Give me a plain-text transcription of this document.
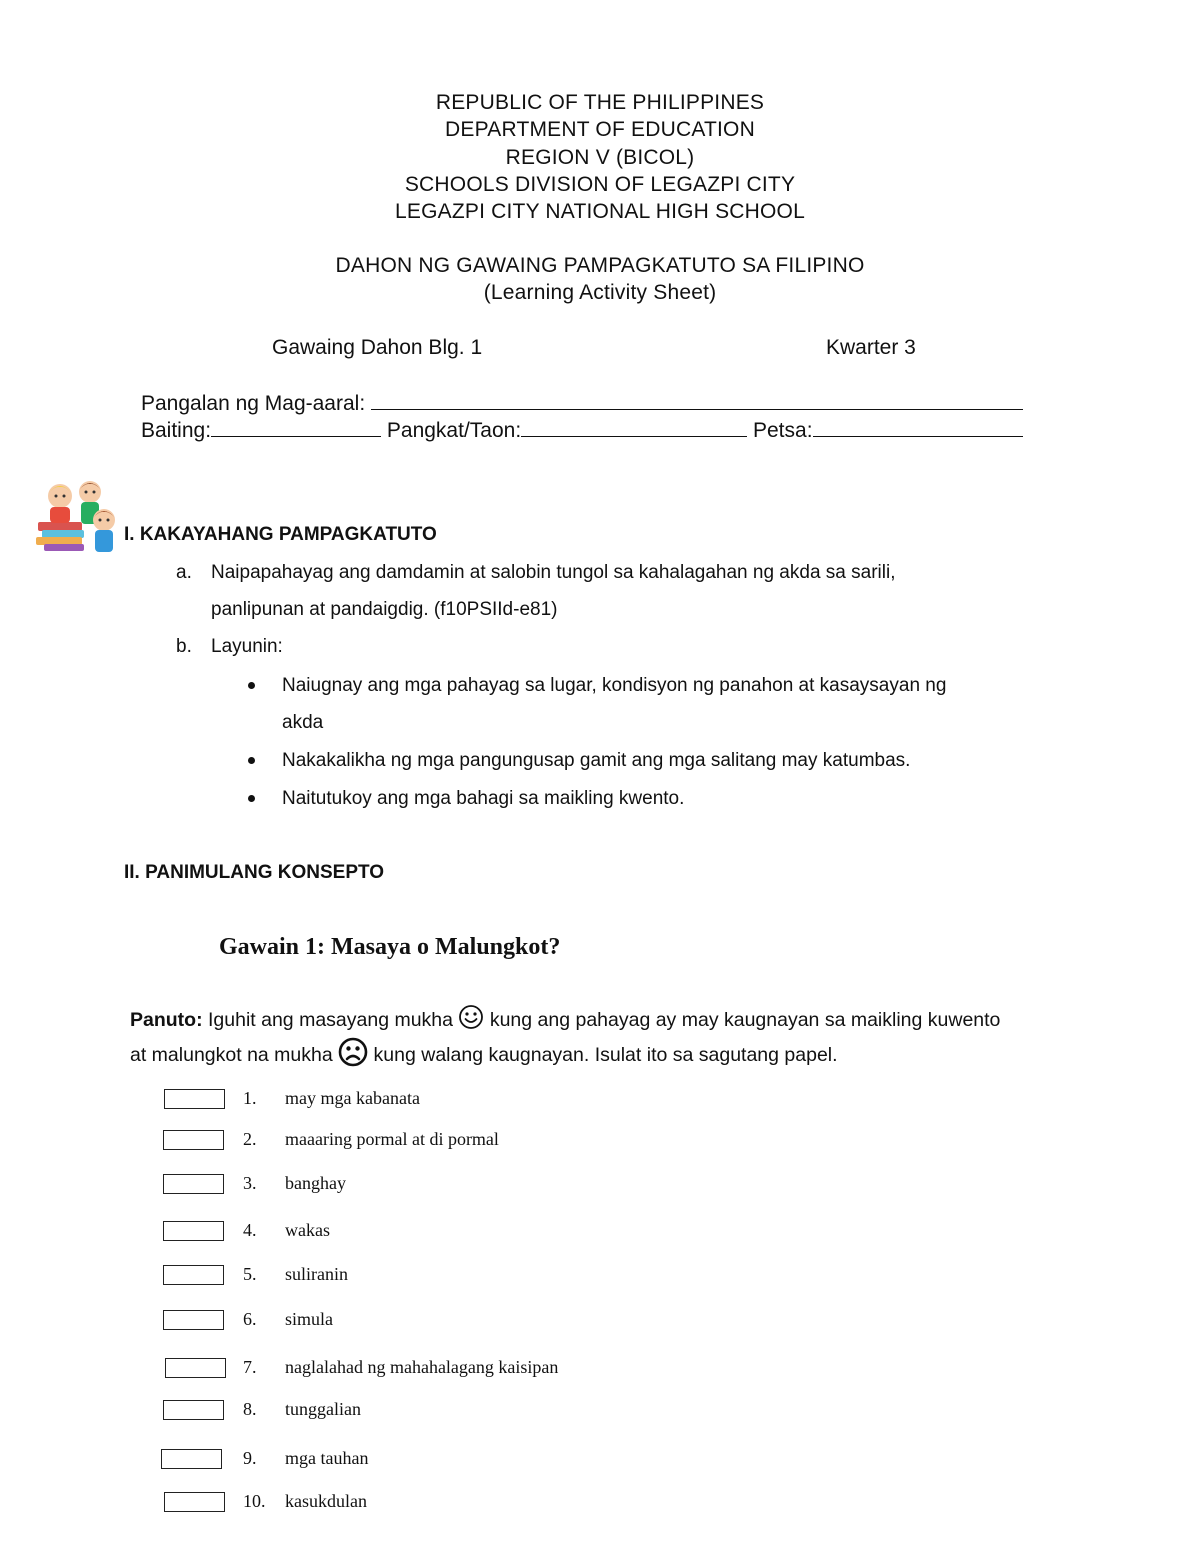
REPUBLIC OF THE PHILIPPINES
DEPARTMENT OF EDUCATION
REGION V (BICOL)
SCHOOLS DIVISION OF LEGAZPI CITY
LEGAZPI CITY NATIONAL HIGH SCHOOL
DAHON NG GAWAING PAMPAGKATUTO SA FILIPINO
(Learning Activity Sheet)
Gawaing Dahon Blg. 1	Kwarter 3
Pangalan ng Mag-aaral:
Baiting:	Pangkat/Taon:	Petsa:
I. KAKAYAHANG PAMPAGKATUTO
a. Naipapahayag ang damdamin at salobin tungol sa kahalagahan ng akda sa sarili,
panlipunan at pandaigdig. (f10PSIId-e81)
b. Layunin:
Naiugnay ang mga pahayag sa lugar, kondisyon ng panahon at kasaysayan ng
akda
Nakakalikha ng mga pangungusap gamit ang mga salitang may katumbas.
Naitutukoy ang mga bahagi sa maikling kwento.
II. PANIMULANG KONSEPTO
Gawain 1: Masaya o Malungkot?
Panuto: Iguhit ang masayang mukha  kung ang pahayag ay may kaugnayan sa maikling kuwento
at malungkot na mukha  kung walang kaugnayan. Isulat ito sa sagutang papel.
1. may mga kabanata
2. maaaring pormal at di pormal
3. banghay
4. wakas
5. suliranin
6. simula
7. naglalahad ng mahahalagang kaisipan
8. tunggalian
9. mga tauhan
10. kasukdulan
